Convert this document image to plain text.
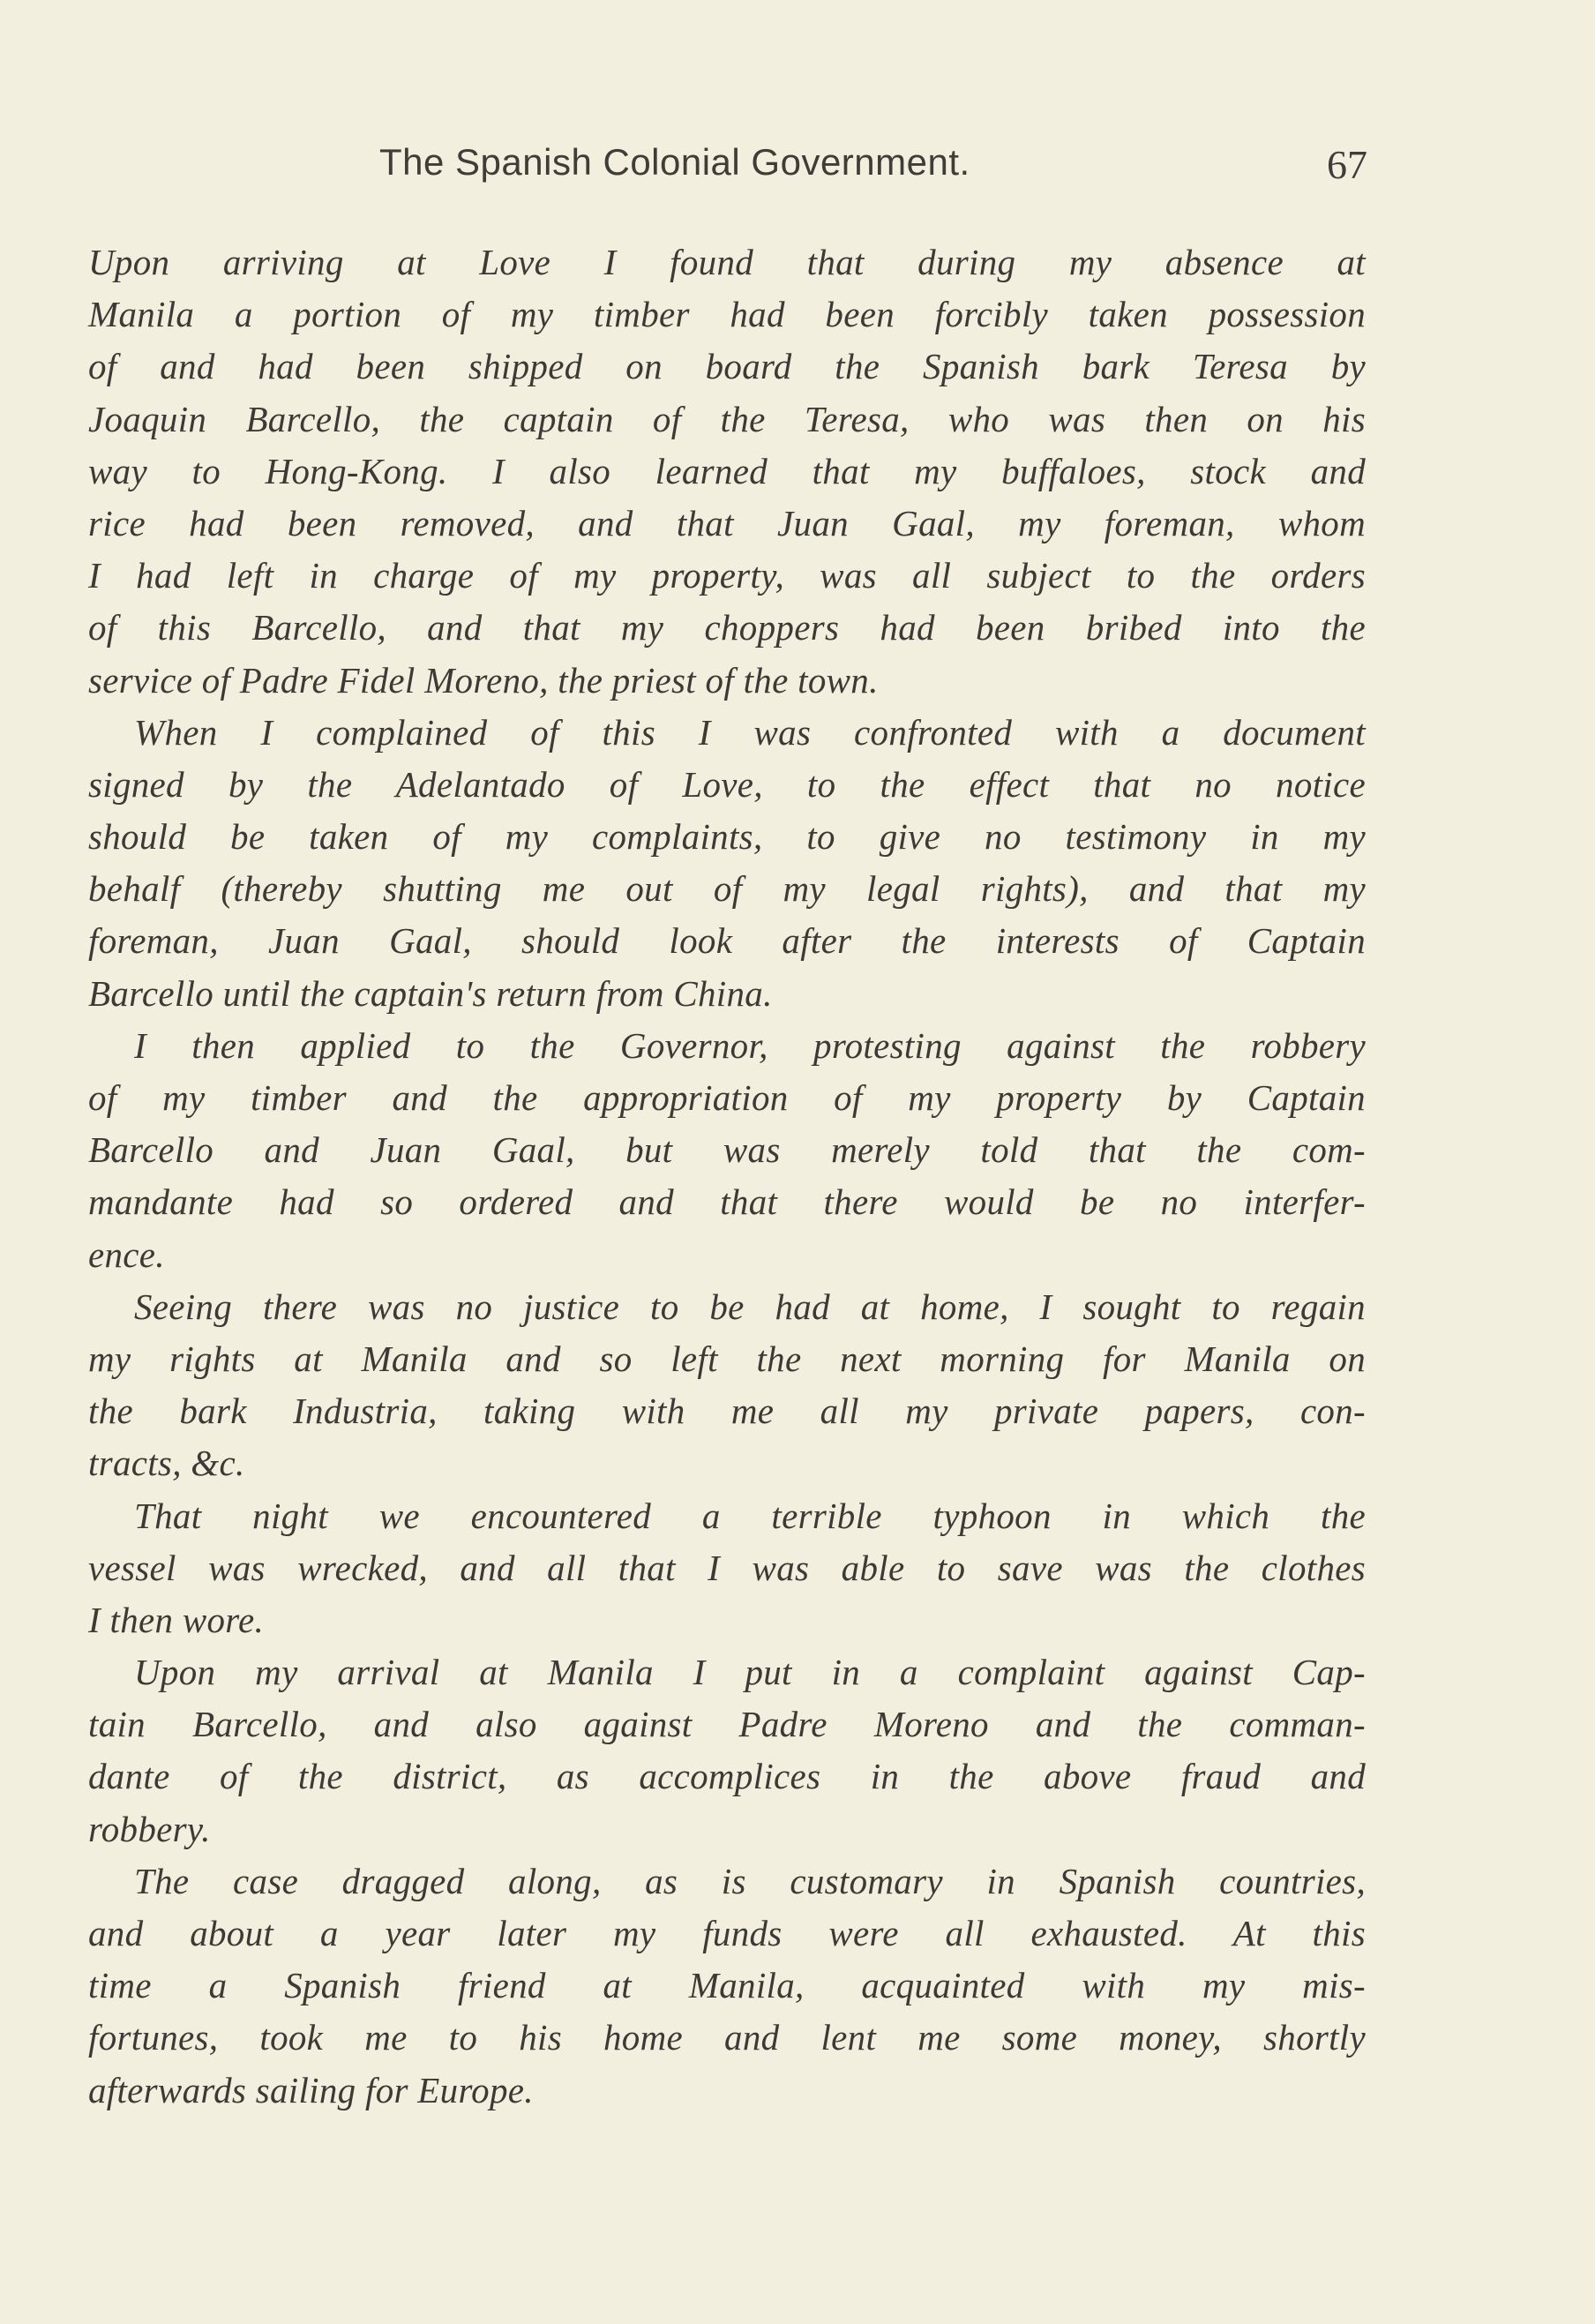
The Spanish Colonial Government.	67
Upon arriving at Love I found that during my absence at
Manila a portion of my timber had been forcibly taken possession
of and had been shipped on board the Spanish bark Teresa by
Joaquin Barcello, the captain of the Teresa, who was then on his
way to Hong-Kong. I also learned that my buffaloes, stock and
rice had been removed, and that Juan Gaal, my foreman, whom
I had left in charge of my property, was all subject to the orders
of this Barcello, and that my choppers had been bribed into the
service of Padre Fidel Moreno, the priest of the town.
When I complained of this I was confronted with a document
signed by the Adelantado of Love, to the effect that no notice
should be taken of my complaints, to give no testimony in my
behalf (thereby shutting me out of my legal rights), and that my
foreman, Juan Gaal, should look after the interests of Captain
Barcello until the captain's return from China.
I then applied to the Governor, protesting against the robbery
of my timber and the appropriation of my property by Captain
Barcello and Juan Gaal, but was merely told that the com-
mandante had so ordered and that there would be no interfer-
ence.
Seeing there was no justice to be had at home, I sought to regain
my rights at Manila and so left the next morning for Manila on
the bark Industria, taking with me all my private papers, con-
tracts, &c.
That night we encountered a terrible typhoon in which the
vessel was wrecked, and all that I was able to save was the clothes
I then wore.
Upon my arrival at Manila I put in a complaint against Cap-
tain Barcello, and also against Padre Moreno and the comman-
dante of the district, as accomplices in the above fraud and
robbery.
The case dragged along, as is customary in Spanish countries,
and about a year later my funds were all exhausted. At this
time a Spanish friend at Manila, acquainted with my mis-
fortunes, took me to his home and lent me some money, shortly
afterwards sailing for Europe.
